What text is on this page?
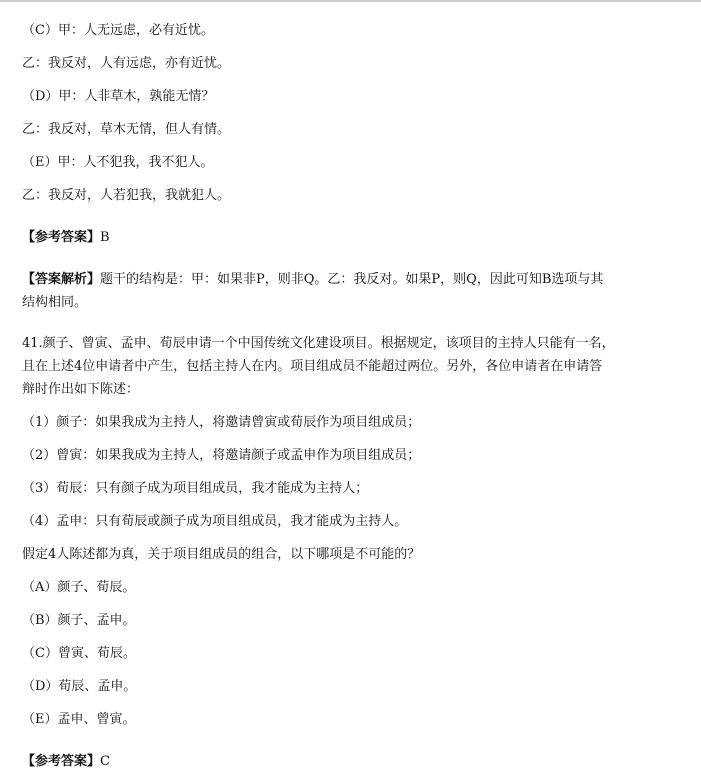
（C）甲：人无远虑，必有近忧。
乙：我反对，人有远虑，亦有近忧。
（D）甲：人非草木，孰能无情？
乙：我反对，草木无情，但人有情。
（E）甲：人不犯我，我不犯人。
乙：我反对，人若犯我，我就犯人。
【参考答案】B
【答案解析】题干的结构是：甲：如果非P，则非Q。乙：我反对。如果P，则Q，因此可知B选项与其
结构相同。
41.颜子、曾寅、孟申、荀辰申请一个中国传统文化建设项目。根据规定，该项目的主持人只能有一名，
且在上述4位申请者中产生，包括主持人在内。项目组成员不能超过两位。另外，各位申请者在申请答
辩时作出如下陈述：
（1）颜子：如果我成为主持人，将邀请曾寅或荀辰作为项目组成员；
（2）曾寅：如果我成为主持人，将邀请颜子或孟申作为项目组成员；
（3）荀辰：只有颜子成为项目组成员，我才能成为主持人；
（4）孟申：只有荀辰或颜子成为项目组成员，我才能成为主持人。
假定4人陈述都为真，关于项目组成员的组合，以下哪项是不可能的？
（A）颜子、荀辰。
（B）颜子、孟申。
（C）曾寅、荀辰。
（D）荀辰、孟申。
（E）孟申、曾寅。
【参考答案】C
